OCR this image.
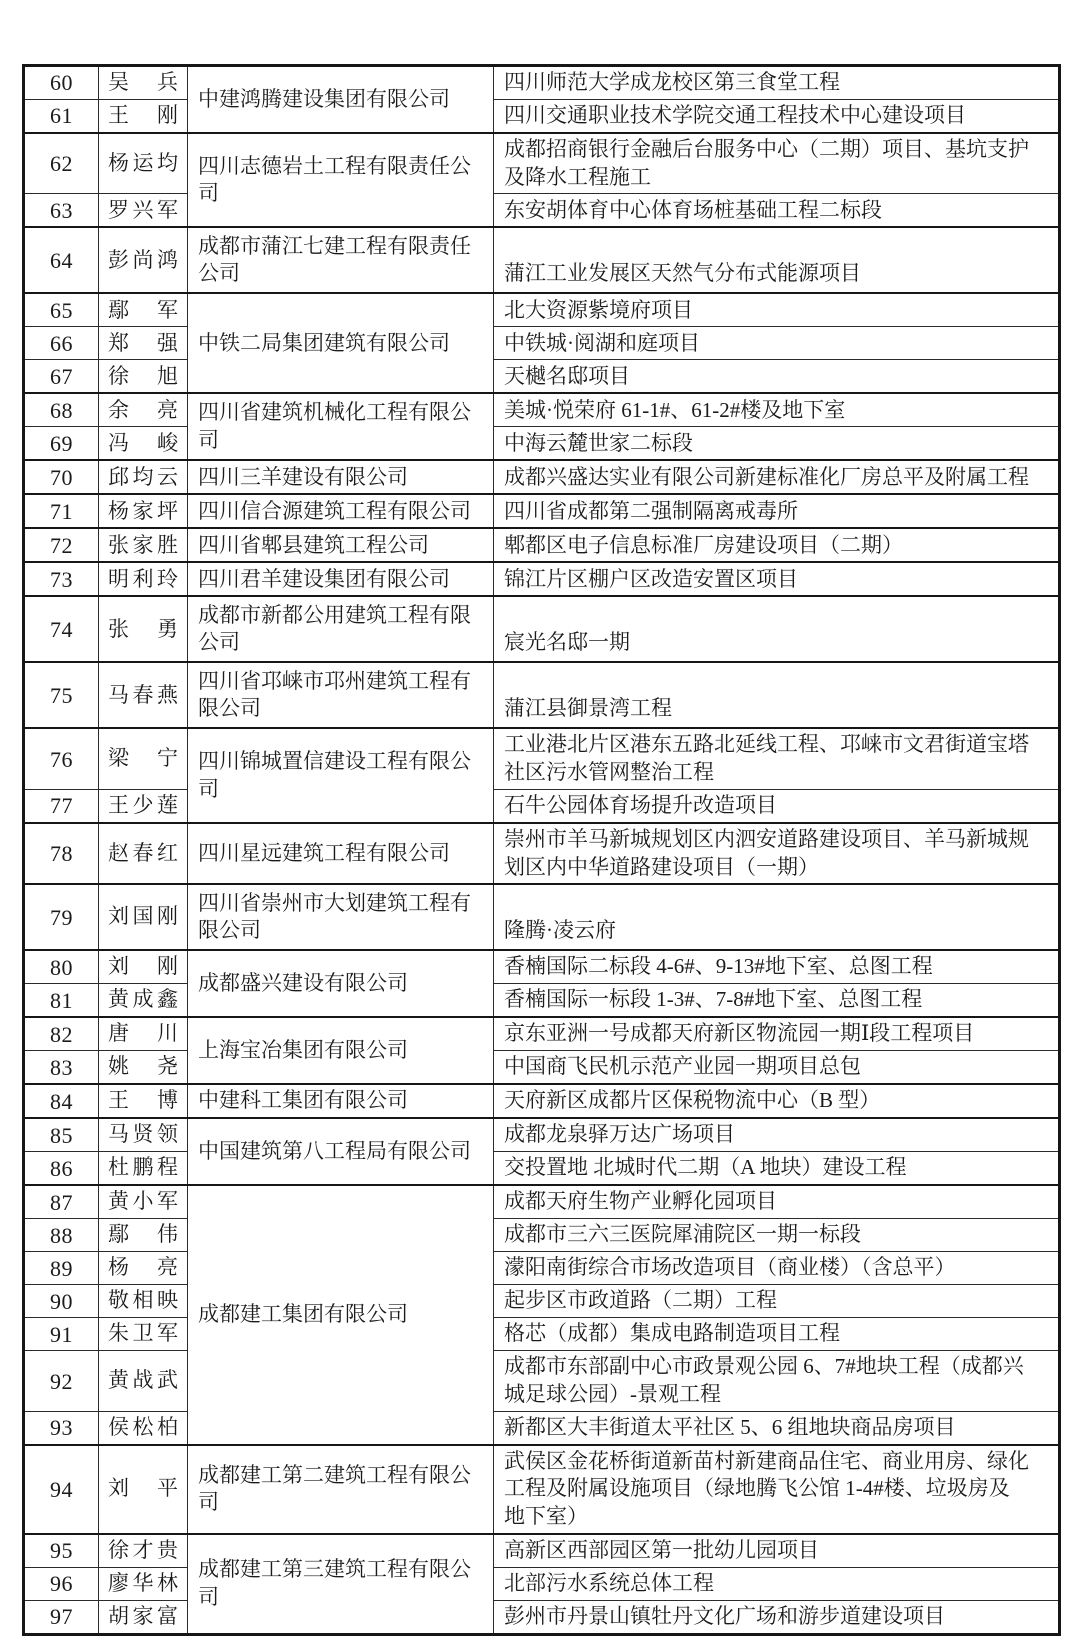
60	吴　兵	中建鸿腾建设集团有限公司	四川师范大学成龙校区第三食堂工程
61	王　刚		四川交通职业技术学院交通工程技术中心建设项目
62	杨运均	四川志德岩土工程有限责任公司	成都招商银行金融后台服务中心（二期）项目、基坑支护及降水工程施工
63	罗兴军		东安胡体育中心体育场桩基础工程二标段
64	彭尚鸿	成都市蒲江七建工程有限责任公司	蒲江工业发展区天然气分布式能源项目
65	鄢　军	中铁二局集团建筑有限公司	北大资源紫境府项目
66	郑　强		中铁城·阅湖和庭项目
67	徐　旭		天樾名邸项目
68	余　亮	四川省建筑机械化工程有限公司	美城·悦荣府 61-1#、61-2#楼及地下室
69	冯　峻		中海云麓世家二标段
70	邱均云	四川三羊建设有限公司	成都兴盛达实业有限公司新建标准化厂房总平及附属工程
71	杨家坪	四川信合源建筑工程有限公司	四川省成都第二强制隔离戒毒所
72	张家胜	四川省郫县建筑工程公司	郫都区电子信息标准厂房建设项目（二期）
73	明利玲	四川君羊建设集团有限公司	锦江片区棚户区改造安置区项目
74	张　勇	成都市新都公用建筑工程有限公司	宸光名邸一期
75	马春燕	四川省邛崃市邛州建筑工程有限公司	蒲江县御景湾工程
76	梁　宁	四川锦城置信建设工程有限公司	工业港北片区港东五路北延线工程、邛崃市文君街道宝塔社区污水管网整治工程
77	王少莲		石牛公园体育场提升改造项目
78	赵春红	四川星远建筑工程有限公司	崇州市羊马新城规划区内泗安道路建设项目、羊马新城规划区内中华道路建设项目（一期）
79	刘国刚	四川省崇州市大划建筑工程有限公司	隆腾·凌云府
80	刘　刚	成都盛兴建设有限公司	香楠国际二标段 4-6#、9-13#地下室、总图工程
81	黄成鑫		香楠国际一标段 1-3#、7-8#地下室、总图工程
82	唐　川	上海宝冶集团有限公司	京东亚洲一号成都天府新区物流园一期Ⅰ段工程项目
83	姚　尧		中国商飞民机示范产业园一期项目总包
84	王　博	中建科工集团有限公司	天府新区成都片区保税物流中心（B 型）
85	马贤领	中国建筑第八工程局有限公司	成都龙泉驿万达广场项目
86	杜鹏程		交投置地 北城时代二期（A 地块）建设工程
87	黄小军	成都建工集团有限公司	成都天府生物产业孵化园项目
88	鄢　伟		成都市三六三医院犀浦院区一期一标段
89	杨　亮		濛阳南街综合市场改造项目（商业楼）（含总平）
90	敬相映		起步区市政道路（二期）工程
91	朱卫军		格芯（成都）集成电路制造项目工程
92	黄战武		成都市东部副中心市政景观公园 6、7#地块工程（成都兴城足球公园）-景观工程
93	侯松柏		新都区大丰街道太平社区 5、6 组地块商品房项目
94	刘　平	成都建工第二建筑工程有限公司	武侯区金花桥街道新苗村新建商品住宅、商业用房、绿化工程及附属设施项目（绿地腾飞公馆 1-4#楼、垃圾房及地下室）
95	徐才贵	成都建工第三建筑工程有限公司	高新区西部园区第一批幼儿园项目
96	廖华林		北部污水系统总体工程
97	胡家富		彭州市丹景山镇牡丹文化广场和游步道建设项目
